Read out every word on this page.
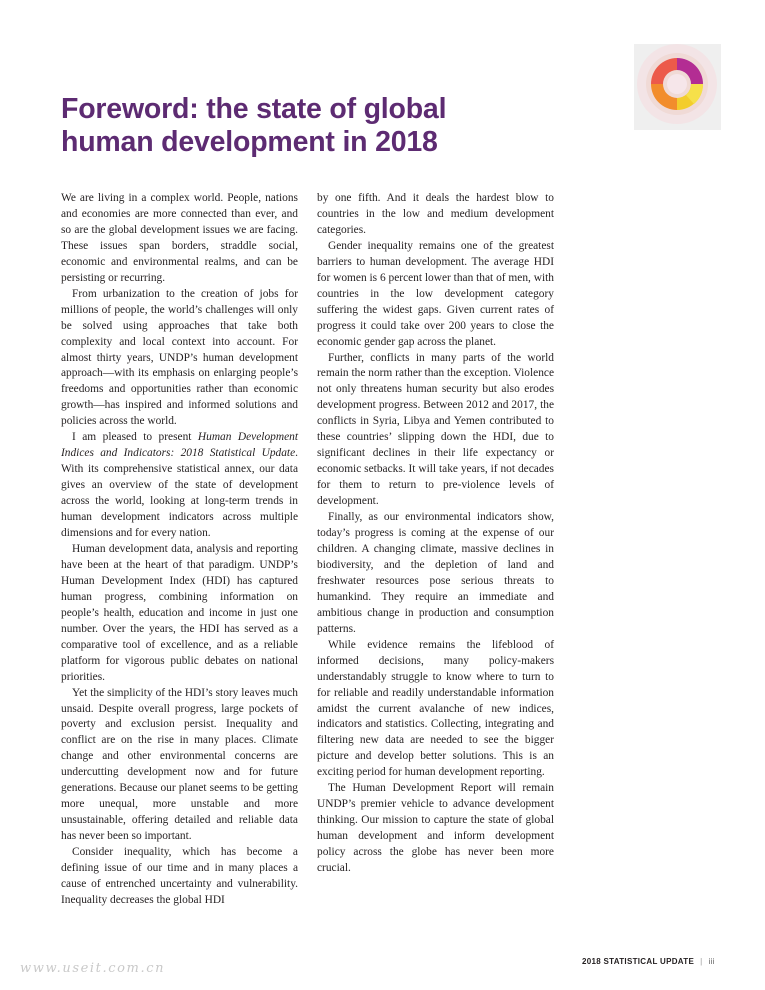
Foreword: the state of global
human development in 2018

We are living in a complex world. People, nations and economies are more connected than ever, and so are the global development issues we are facing. These issues span borders, straddle social, economic and environmental realms, and can be persisting or recurring.

From urbanization to the creation of jobs for millions of people, the world’s challenges will only be solved using approaches that take both complexity and local context into account. For almost thirty years, UNDP’s human development approach—with its emphasis on enlarging people’s freedoms and opportunities rather than economic growth—has inspired and informed solutions and policies across the world.

I am pleased to present Human Development Indices and Indicators: 2018 Statistical Update. With its comprehensive statistical annex, our data gives an overview of the state of development across the world, looking at long-term trends in human development indicators across multiple dimensions and for every nation.

Human development data, analysis and reporting have been at the heart of that paradigm. UNDP’s Human Development Index (HDI) has captured human progress, combining information on people’s health, education and income in just one number. Over the years, the HDI has served as a comparative tool of excellence, and as a reliable platform for vigorous public debates on national priorities.

Yet the simplicity of the HDI’s story leaves much unsaid. Despite overall progress, large pockets of poverty and exclusion persist. Inequality and conflict are on the rise in many places. Climate change and other environmental concerns are undercutting development now and for future generations. Because our planet seems to be getting more unequal, more unstable and more unsustainable, offering detailed and reliable data has never been so important.

Consider inequality, which has become a defining issue of our time and in many places a cause of entrenched uncertainty and vulnerability. Inequality decreases the global HDI

by one fifth. And it deals the hardest blow to countries in the low and medium development categories.

Gender inequality remains one of the greatest barriers to human development. The average HDI for women is 6 percent lower than that of men, with countries in the low development category suffering the widest gaps. Given current rates of progress it could take over 200 years to close the economic gender gap across the planet.

Further, conflicts in many parts of the world remain the norm rather than the exception. Violence not only threatens human security but also erodes development progress. Between 2012 and 2017, the conflicts in Syria, Libya and Yemen contributed to these countries’ slipping down the HDI, due to significant declines in their life expectancy or economic setbacks. It will take years, if not decades for them to return to pre-violence levels of development.

Finally, as our environmental indicators show, today’s progress is coming at the expense of our children. A changing climate, massive declines in biodiversity, and the depletion of land and freshwater resources pose serious threats to humankind. They require an immediate and ambitious change in production and consumption patterns.

While evidence remains the lifeblood of informed decisions, many policy-makers understandably struggle to know where to turn to for reliable and readily understandable information amidst the current avalanche of new indices, indicators and statistics. Collecting, integrating and filtering new data are needed to see the bigger picture and develop better solutions. This is an exciting period for human development reporting.

The Human Development Report will remain UNDP’s premier vehicle to advance development thinking. Our mission to capture the state of global human development and inform development policy across the globe has never been more crucial.

2018 STATISTICAL UPDATE | iii
www.useit.com.cn
